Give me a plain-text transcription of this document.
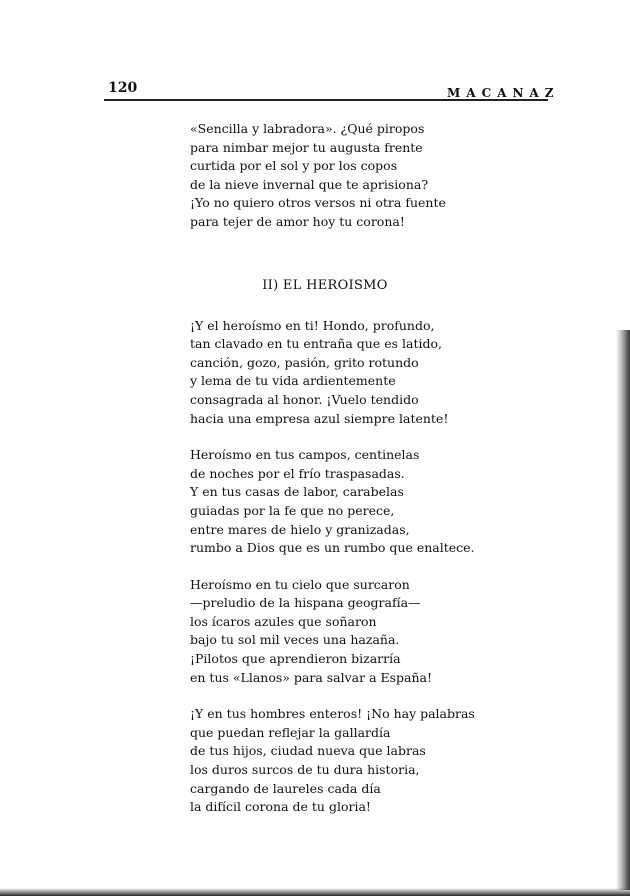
120	MACANAZ
«Sencilla y labradora». ¿Qué piropos
para nimbar mejor tu augusta frente
curtida por el sol y por los copos
de la nieve invernal que te aprisiona?
¡Yo no quiero otros versos ni otra fuente
para tejer de amor hoy tu corona!
II) EL HEROISMO
¡Y el heroísmo en ti! Hondo, profundo,
tan clavado en tu entraña que es latido,
canción, gozo, pasión, grito rotundo
y lema de tu vida ardientemente
consagrada al honor. ¡Vuelo tendido
hacia una empresa azul siempre latente!
Heroísmo en tus campos, centinelas
de noches por el frío traspasadas.
Y en tus casas de labor, carabelas
guiadas por la fe que no perece,
entre mares de hielo y granizadas,
rumbo a Dios que es un rumbo que enaltece.
Heroísmo en tu cielo que surcaron
—preludio de la hispana geografía—
los ícaros azules que soñaron
bajo tu sol mil veces una hazaña.
¡Pilotos que aprendieron bizarría
en tus «Llanos» para salvar a España!
¡Y en tus hombres enteros! ¡No hay palabras
que puedan reflejar la gallardía
de tus hijos, ciudad nueva que labras
los duros surcos de tu dura historia,
cargando de laureles cada día
la difícil corona de tu gloria!
